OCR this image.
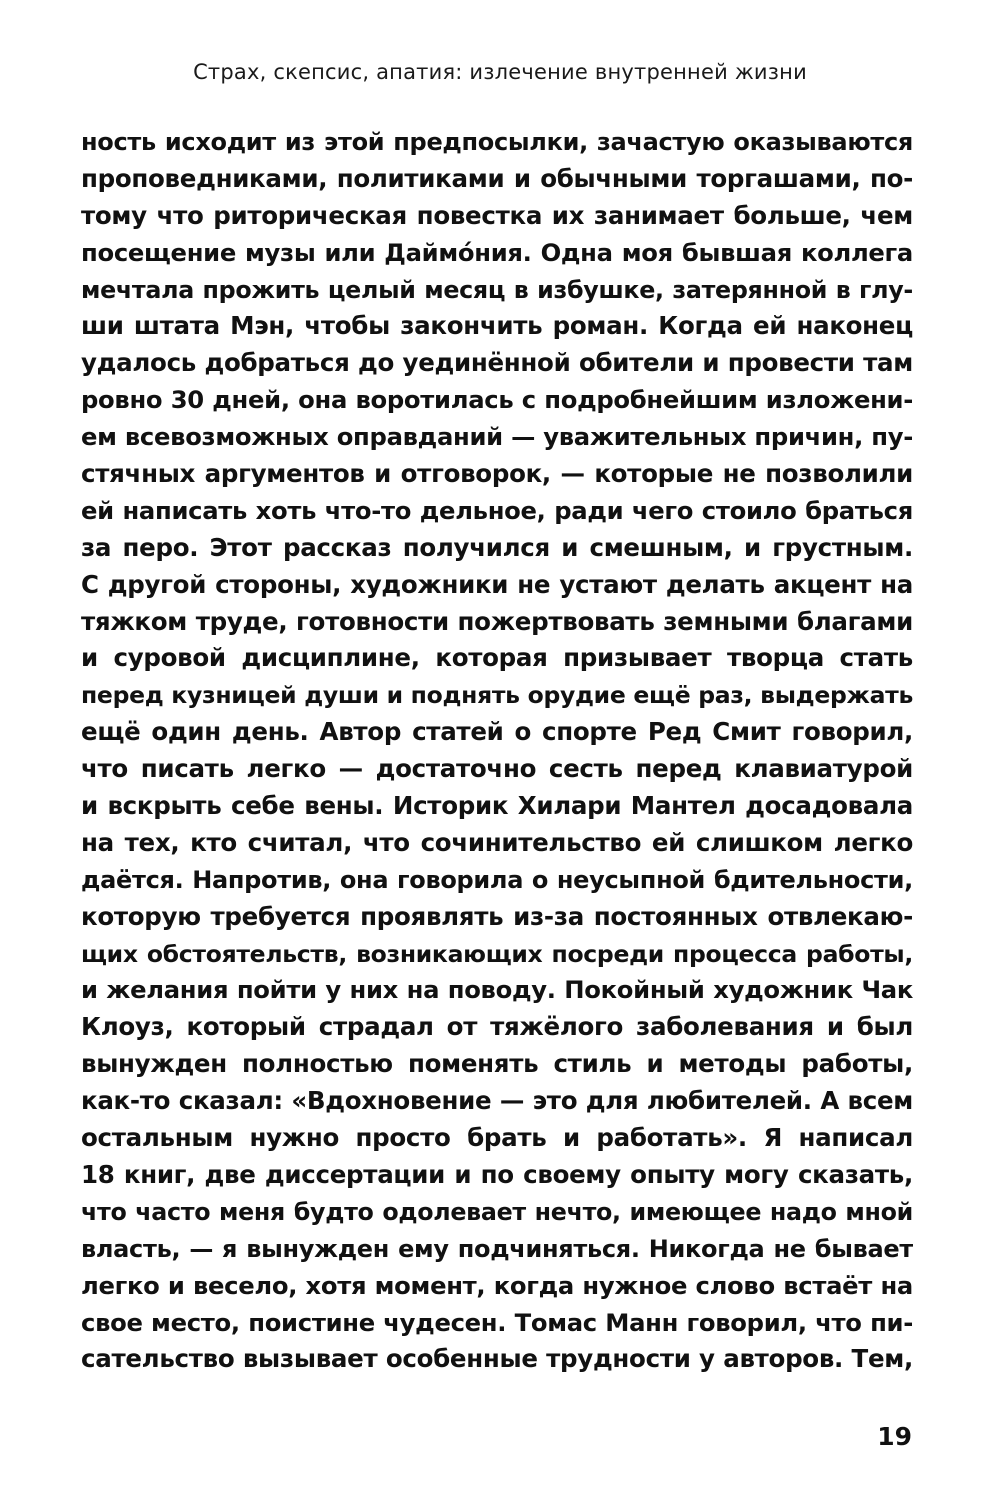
Страх, скепсис, апатия: излечение внутренней жизни
ность исходит из этой предпосылки, зачастую оказываются
проповедниками, политиками и обычными торгашами, по-
тому что риторическая повестка их занимает больше, чем
посещение музы или Даймóния. Одна моя бывшая коллега
мечтала прожить целый месяц в избушке, затерянной в глу-
ши штата Мэн, чтобы закончить роман. Когда ей наконец
удалось добраться до уединённой обители и провести там
ровно 30 дней, она воротилась с подробнейшим изложени-
ем всевозможных оправданий — уважительных причин, пу-
стячных аргументов и отговорок, — которые не позволили
ей написать хоть что-то дельное, ради чего стоило браться
за перо. Этот рассказ получился и смешным, и грустным.
С другой стороны, художники не устают делать акцент на
тяжком труде, готовности пожертвовать земными благами
и суровой дисциплине, которая призывает творца стать
перед кузницей души и поднять орудие ещё раз, выдержать
ещё один день. Автор статей о спорте Ред Смит говорил,
что писать легко — достаточно сесть перед клавиатурой
и вскрыть себе вены. Историк Хилари Мантел досадовала
на тех, кто считал, что сочинительство ей слишком легко
даётся. Напротив, она говорила о неусыпной бдительности,
которую требуется проявлять из-за постоянных отвлекаю-
щих обстоятельств, возникающих посреди процесса работы,
и желания пойти у них на поводу. Покойный художник Чак
Клоуз, который страдал от тяжёлого заболевания и был
вынужден полностью поменять стиль и методы работы,
как-то сказал: «Вдохновение — это для любителей. А всем
остальным нужно просто брать и работать». Я написал
18 книг, две диссертации и по своему опыту могу сказать,
что часто меня будто одолевает нечто, имеющее надо мной
власть, — я вынужден ему подчиняться. Никогда не бывает
легко и весело, хотя момент, когда нужное слово встаёт на
свое место, поистине чудесен. Томас Манн говорил, что пи-
сательство вызывает особенные трудности у авторов. Тем,
19
